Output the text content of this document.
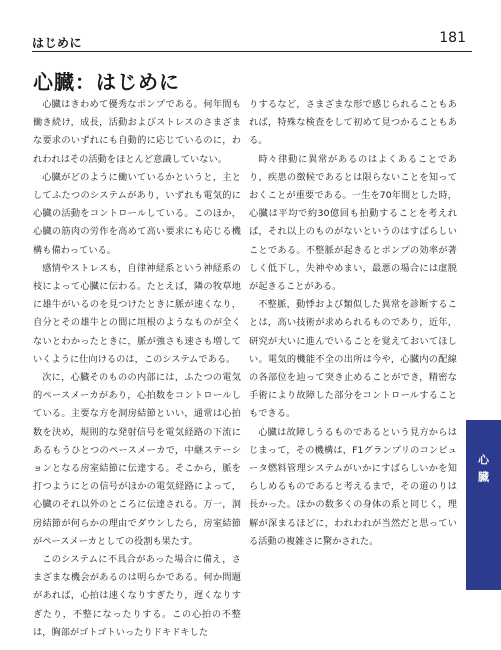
はじめに	181
心臓：はじめに

心臓はきわめて優秀なポンプである。何年間も働き続け，成長，活動およびストレスのさまざまな要求のいずれにも自動的に応じているのに，われわれはその活動をほとんど意識していない。

心臓がどのように働いているかというと，主としてふたつのシステムがあり，いずれも電気的に心臓の活動をコントロールしている。このほか，心臓の筋肉の労作を高めて高い要求にも応じる機構も備わっている。

感情やストレスも，自律神経系という神経系の枝によって心臓に伝わる。たとえば，隣の牧草地に雄牛がいるのを見つけたときに脈が速くなり，自分とその雄牛との間に垣根のようなものが全くないとわかったときに，脈が強さも速さも増していくように仕向けるのは，このシステムである。

次に，心臓そのものの内部には，ふたつの電気的ペースメーカがあり，心拍数をコントロールしている。主要な方を洞房結節といい，通常は心拍数を決め，規則的な発射信号を電気経路の下流にあるもうひとつのペースメーカで，中継ステーションとなる房室結節に伝達する。そこから，脈を打つようにとの信号がほかの電気経路によって，心臓のそれ以外のところに伝達される。万一，洞房結節が何らかの理由でダウンしたら，房室結節がペースメーカとしての役割も果たす。

このシステムに不具合があった場合に備え，さまざまな機会があるのは明らかである。何か問題があれば，心拍は速くなりすぎたり，遅くなりすぎたり，不整になったりする。この心拍の不整は，胸部がゴトゴトいったりドキドキした

りするなど，さまざまな形で感じられることもあれば，特殊な検査をして初めて見つかることもある。

時々律動に異常があるのはよくあることであり，疾患の徴候であるとは限らないことを知っておくことが重要である。一生を70年間とした時，心臓は平均で約30億回も拍動することを考えれば，それ以上のものがないというのはすばらしいことである。不整脈が起きるとポンプの効率が著しく低下し，失神やめまい，最悪の場合には虚脱が起きることがある。

不整脈，動悸および類似した異常を診断することは，高い技術が求められるものであり，近年，研究が大いに進んでいることを覚えておいてほしい。電気的機能不全の出所は今や，心臓内の配線の各部位を辿って突き止めることができ，精密な手術により故障した部分をコントロールすることもできる。

心臓は故障しうるものであるという見方からはじまって，その機構は，F1グランプリのコンピュータ燃料管理システムがいかにすばらしいかを知らしめるものであると考えるまで，その道のりは長かった。ほかの数多くの身体の系と同じく，理解が深まるほどに，われわれが当然だと思っている活動の複雑さに驚かされた。

心臓
